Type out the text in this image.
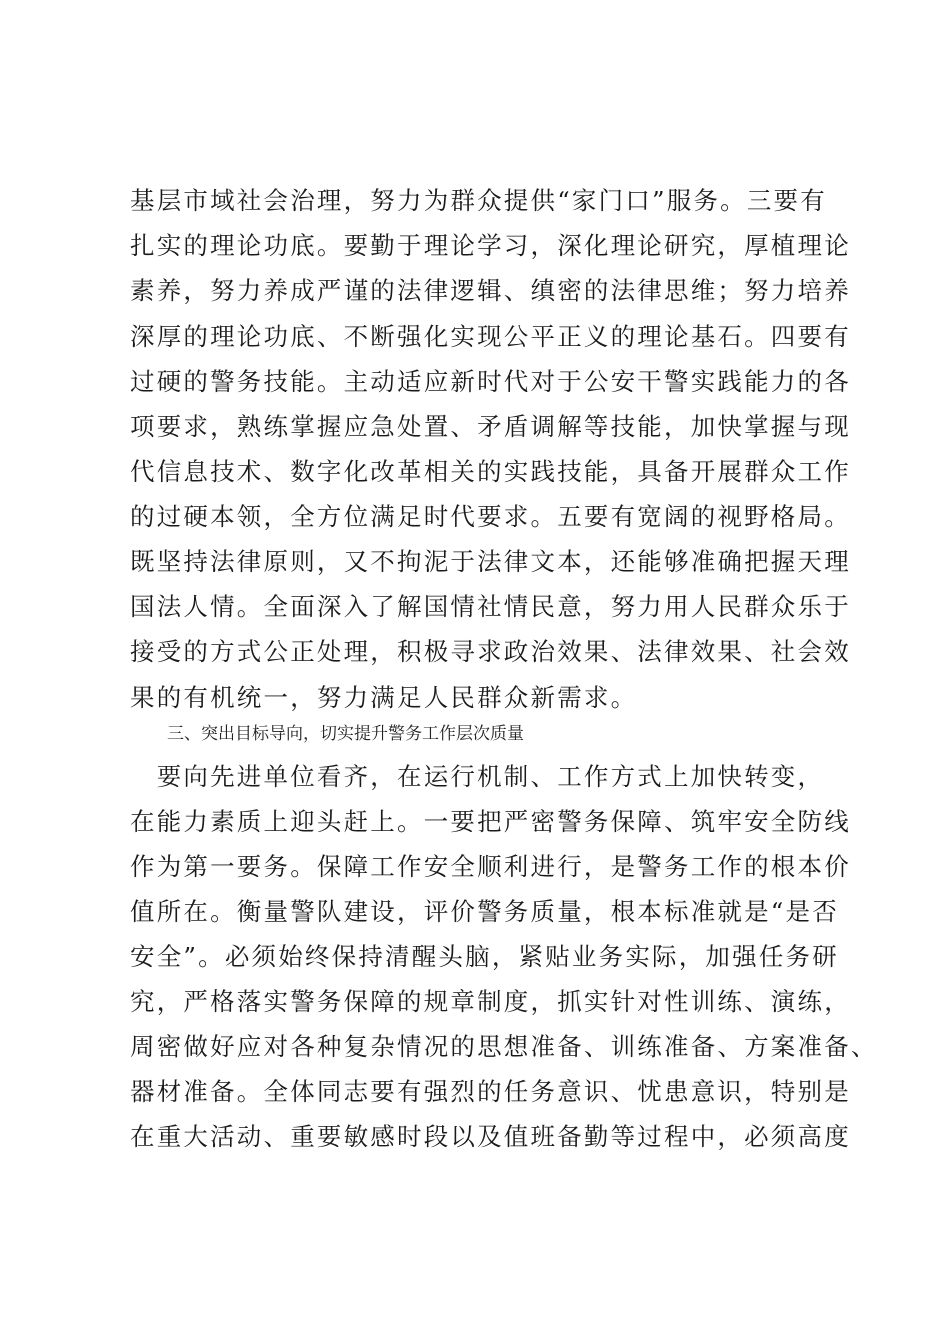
基层市域社会治理，努力为群众提供“家门口”服务。三要有
扎实的理论功底。要勤于理论学习，深化理论研究，厚植理论
素养，努力养成严谨的法律逻辑、缜密的法律思维；努力培养
深厚的理论功底、不断强化实现公平正义的理论基石。四要有
过硬的警务技能。主动适应新时代对于公安干警实践能力的各
项要求，熟练掌握应急处置、矛盾调解等技能，加快掌握与现
代信息技术、数字化改革相关的实践技能，具备开展群众工作
的过硬本领，全方位满足时代要求。五要有宽阔的视野格局。
既坚持法律原则，又不拘泥于法律文本，还能够准确把握天理
国法人情。全面深入了解国情社情民意，努力用人民群众乐于
接受的方式公正处理，积极寻求政治效果、法律效果、社会效
果的有机统一，努力满足人民群众新需求。
三、突出目标导向，切实提升警务工作层次质量
　要向先进单位看齐，在运行机制、工作方式上加快转变，
在能力素质上迎头赶上。一要把严密警务保障、筑牢安全防线
作为第一要务。保障工作安全顺利进行，是警务工作的根本价
值所在。衡量警队建设，评价警务质量，根本标准就是“是否
安全”。必须始终保持清醒头脑，紧贴业务实际，加强任务研
究，严格落实警务保障的规章制度，抓实针对性训练、演练，
周密做好应对各种复杂情况的思想准备、训练准备、方案准备、
器材准备。全体同志要有强烈的任务意识、忧患意识，特别是
在重大活动、重要敏感时段以及值班备勤等过程中，必须高度
